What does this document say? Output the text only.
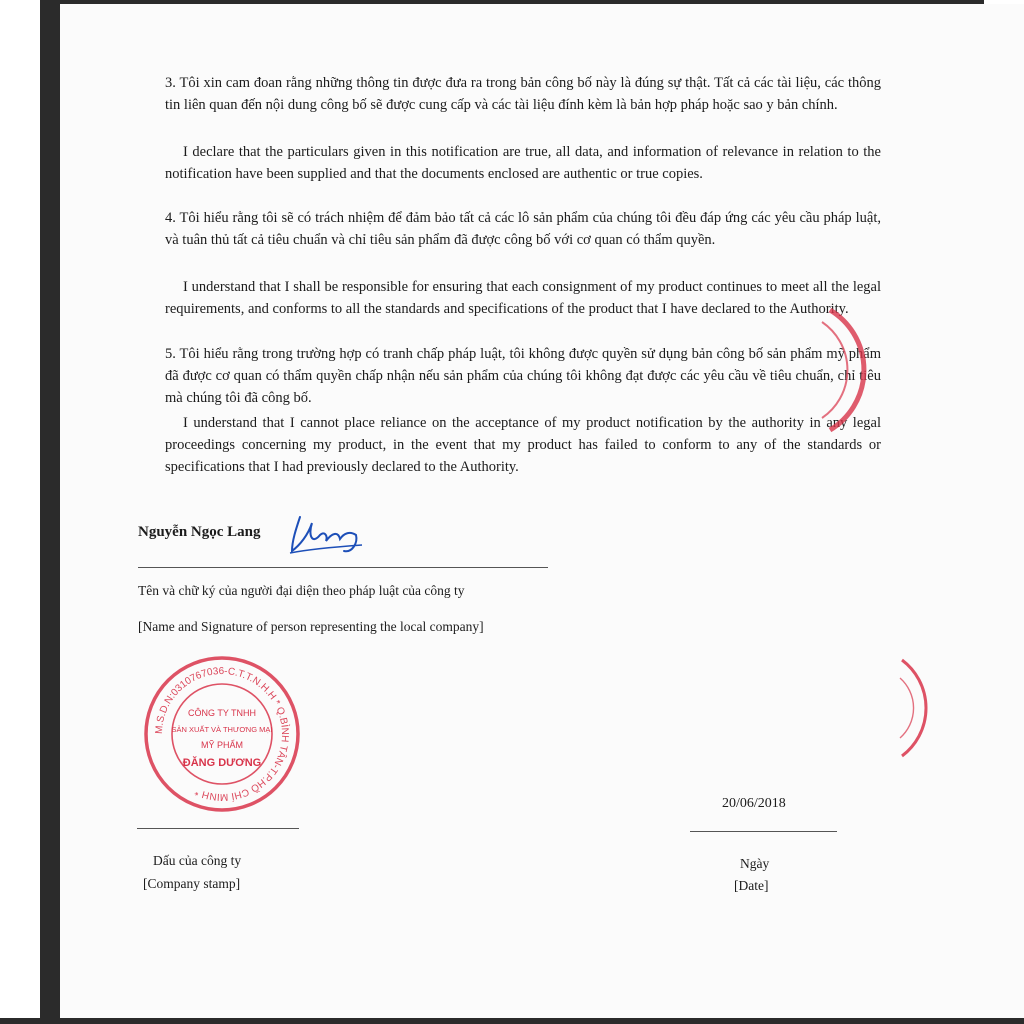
3. Tôi xin cam đoan rằng những thông tin được đưa ra trong bản công bố này là đúng sự thật. Tất cả các tài liệu, các thông tin liên quan đến nội dung công bố sẽ được cung cấp và các tài liệu đính kèm là bản hợp pháp hoặc sao y bản chính.

I declare that the particulars given in this notification are true, all data, and information of relevance in relation to the notification have been supplied and that the documents enclosed are authentic or true copies.

4. Tôi hiểu rằng tôi sẽ có trách nhiệm để đảm bảo tất cả các lô sản phẩm của chúng tôi đều đáp ứng các yêu cầu pháp luật, và tuân thủ tất cả tiêu chuẩn và chỉ tiêu sản phẩm đã được công bố với cơ quan có thẩm quyền.

I understand that I shall be responsible for ensuring that each consignment of my product continues to meet all the legal requirements, and conforms to all the standards and specifications of the product that I have declared to the Authority.

5. Tôi hiểu rằng trong trường hợp có tranh chấp pháp luật, tôi không được quyền sử dụng bản công bố sản phẩm mỹ phẩm đã được cơ quan có thẩm quyền chấp nhận nếu sản phẩm của chúng tôi không đạt được các yêu cầu về tiêu chuẩn, chỉ tiêu mà chúng tôi đã công bố.

I understand that I cannot place reliance on the acceptance of my product notification by the authority in any legal proceedings concerning my product, in the event that my product has failed to conform to any of the standards or specifications that I had previously declared to the Authority.

Nguyễn Ngọc Lang
Tên và chữ ký của người đại diện theo pháp luật của công ty
[Name and Signature of person representing the local company]
M.S.D.N:0310767036-C.T.T.N.H.H * Q.BÌNH TÂN-T.P.HỒ CHÍ MINH *
CÔNG TY TNHH
SẢN XUẤT VÀ THƯƠNG MẠI
MỸ PHẨM
ĐĂNG DƯƠNG
Dấu của công ty
[Company stamp]
20/06/2018
Ngày
[Date]
